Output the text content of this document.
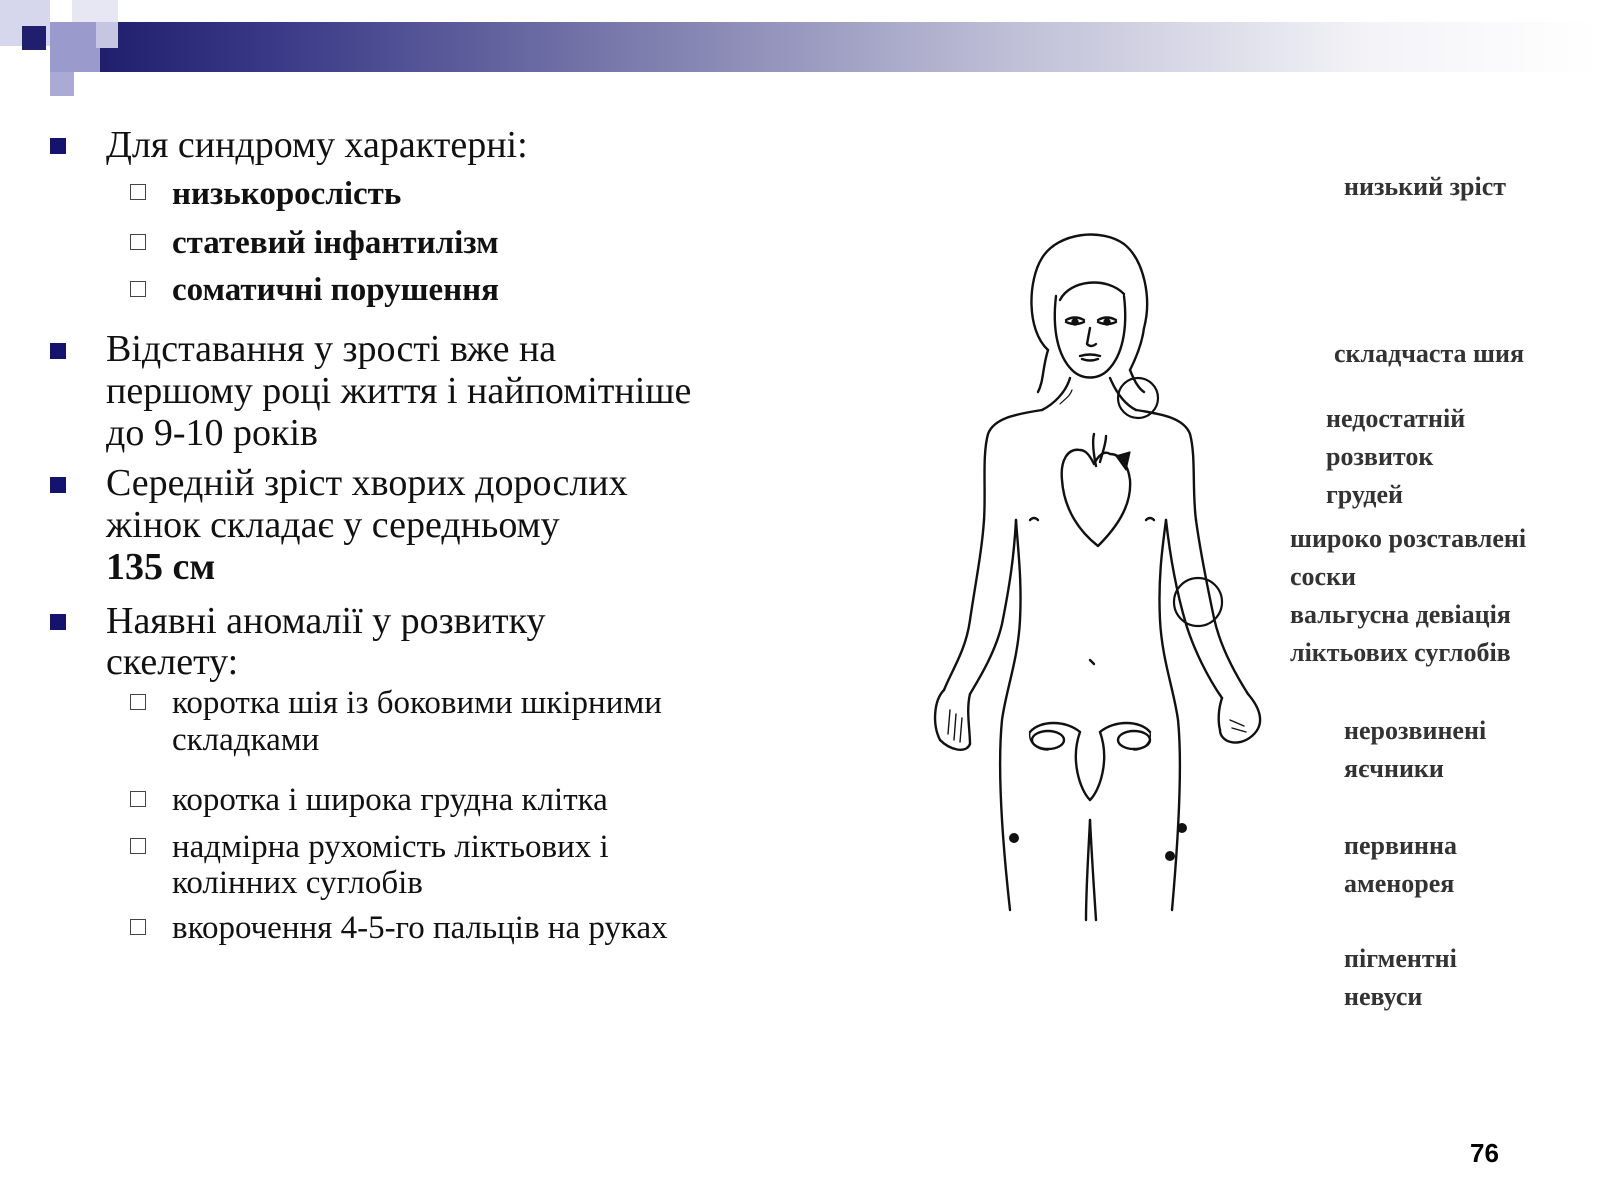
Для синдрому характерні:
низькорослість
статевий інфантилізм
соматичні порушення
Відставання у зрості вже на
першому році життя і найпомітніше
до 9-10 років
Середній зріст хворих дорослих
жінок складає у середньому
135 см
Наявні аномалії у розвитку
скелету:
коротка шія із боковими шкірними
складками
коротка і широка грудна клітка
надмірна рухомість ліктьових і
колінних суглобів
вкорочення 4-5-го пальців на руках
низький зріст
складчаста шия
недостатній
розвиток
грудей
широко розставлені
соски
вальгусна девіація
ліктьових суглобів
нерозвинені
яєчники
первинна
аменорея
пігментні
невуси
76
